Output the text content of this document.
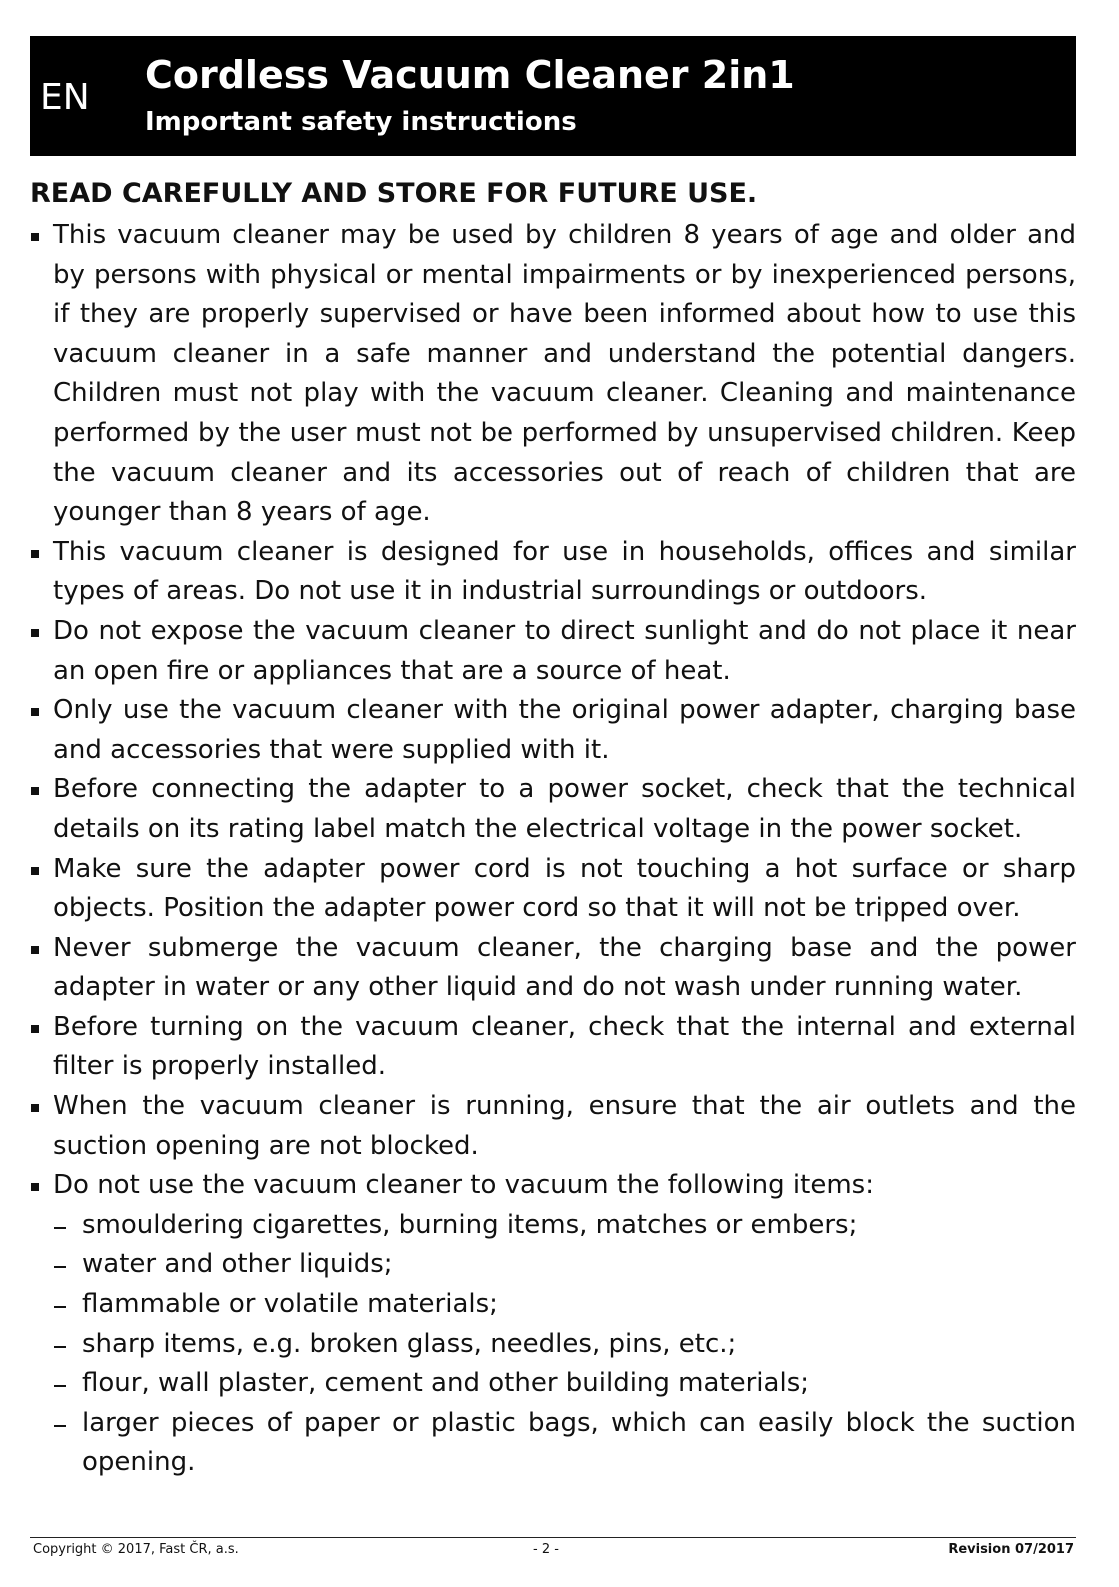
EN
Cordless Vacuum Cleaner 2in1
Important safety instructions
READ CAREFULLY AND STORE FOR FUTURE USE.
This vacuum cleaner may be used by children 8 years of age and older and by persons with physical or mental impairments or by inexperienced persons, if they are properly supervised or have been informed about how to use this vacuum cleaner in a safe manner and understand the potential dangers. Children must not play with the vacuum cleaner. Cleaning and maintenance performed by the user must not be performed by unsupervised children. Keep the vacuum cleaner and its accessories out of reach of children that are younger than 8 years of age.
This vacuum cleaner is designed for use in households, offices and similar types of areas. Do not use it in industrial surroundings or outdoors.
Do not expose the vacuum cleaner to direct sunlight and do not place it near an open fire or appliances that are a source of heat.
Only use the vacuum cleaner with the original power adapter, charging base and accessories that were supplied with it.
Before connecting the adapter to a power socket, check that the technical details on its rating label match the electrical voltage in the power socket.
Make sure the adapter power cord is not touching a hot surface or sharp objects. Position the adapter power cord so that it will not be tripped over.
Never submerge the vacuum cleaner, the charging base and the power adapter in water or any other liquid and do not wash under running water.
Before turning on the vacuum cleaner, check that the internal and external filter is properly installed.
When the vacuum cleaner is running, ensure that the air outlets and the suction opening are not blocked.
Do not use the vacuum cleaner to vacuum the following items:
smouldering cigarettes, burning items, matches or embers;
water and other liquids;
flammable or volatile materials;
sharp items, e.g. broken glass, needles, pins, etc.;
flour, wall plaster, cement and other building materials;
larger pieces of paper or plastic bags, which can easily block the suction opening.
Copyright © 2017, Fast ČR, a.s.	- 2 -	Revision 07/2017
